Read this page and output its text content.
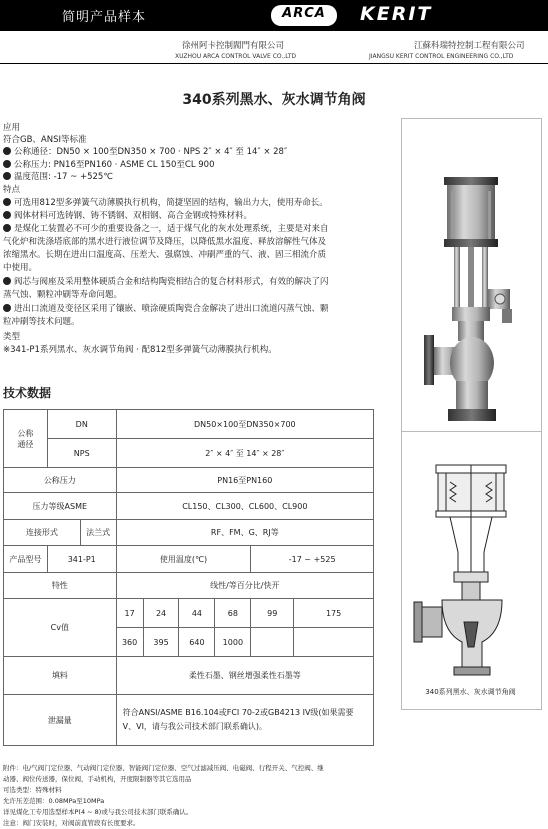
简明产品样本	ARCA	KERIT
徐州阿卡控制閥門有限公司
XUZHOU ARCA CONTROL VALVE CO.,LTD
江蘇科瑞特控制工程有限公司
JIANGSU KERIT CONTROL ENGINEERING CO.,LTD
340系列黑水、灰水调节角阀
应用
符合GB、ANSI等标准
公称通径：DN50 × 100至DN350 × 700 · NPS 2″ × 4″ 至 14″ × 28″
公称压力: PN16至PN160 · ASME CL 150至CL 900
温度范围: -17 ~ +525℃
特点
可选用812型多弹簧气动薄膜执行机构，简捷坚固的结构，输出力大，使用寿命长。
阀体材料可选铸钢、铸不锈钢、双相钢、高合金钢或特殊材料。
是煤化工装置必不可少的重要设备之一，适于煤气化的灰水处理系统，主要是对来自
气化炉和洗涤塔底部的黑水进行液位调节及降压，以降低黑水温度、释放溶解性气体及
浓缩黑水。长期在进出口温度高、压差大、强腐蚀、冲刷严重的气、液、固三相流介质
中使用。
阀芯与阀座及采用整体硬质合金和结构陶瓷相结合的复合材料形式，有效的解决了闪
蒸气蚀、颗粒冲刷等寿命问题。
进出口流道及变径区采用了镶嵌、喷涂硬质陶瓷合金解决了进出口流道闪蒸气蚀、颗
粒冲刷等技术问题。
类型
※341-P1系列黑水、灰水调节角阀 · 配812型多弹簧气动薄膜执行机构。
技术数据
公称
通径	DN		DN50×100至DN350×700					
	NPS		2″ × 4″ 至 14″ × 28″					
公称压力			PN16至PN160					
压力等级ASME			CL150、CL300、CL600、CL900					
连接形式		法兰式	RF、FM、G、RJ等					
产品型号	341-P1		使用温度(℃)				-17 ~ +525	
特性			线性/等百分比/快开					
Cv值			17	24	44	68	99	175
			360	395	640	1000		
填料			柔性石墨、钢丝增强柔性石墨等					
泄漏量			符合ANSI/ASME B16.104或FCI 70-2或GB4213 IV级(如果需要
V、VI，请与我公司技术部门联系确认)。					
附件：电/气阀门定位器、气动阀门定位器、智能阀门定位器、空气过滤减压阀、电磁阀、行程开关、气控阀、继
动器、阀位传送器，保位阀，手动机构，开度限制器等其它选用品
可选类型：特殊材料
允许压差范围：0.08MPa至10MPa
详见煤化工专用选型样本P(4 ~ 8)或与我公司技术部门联系确认。
注意：阀门安装时，对阀前直管段有长度要求。
340系列黑水、灰水调节角阀
